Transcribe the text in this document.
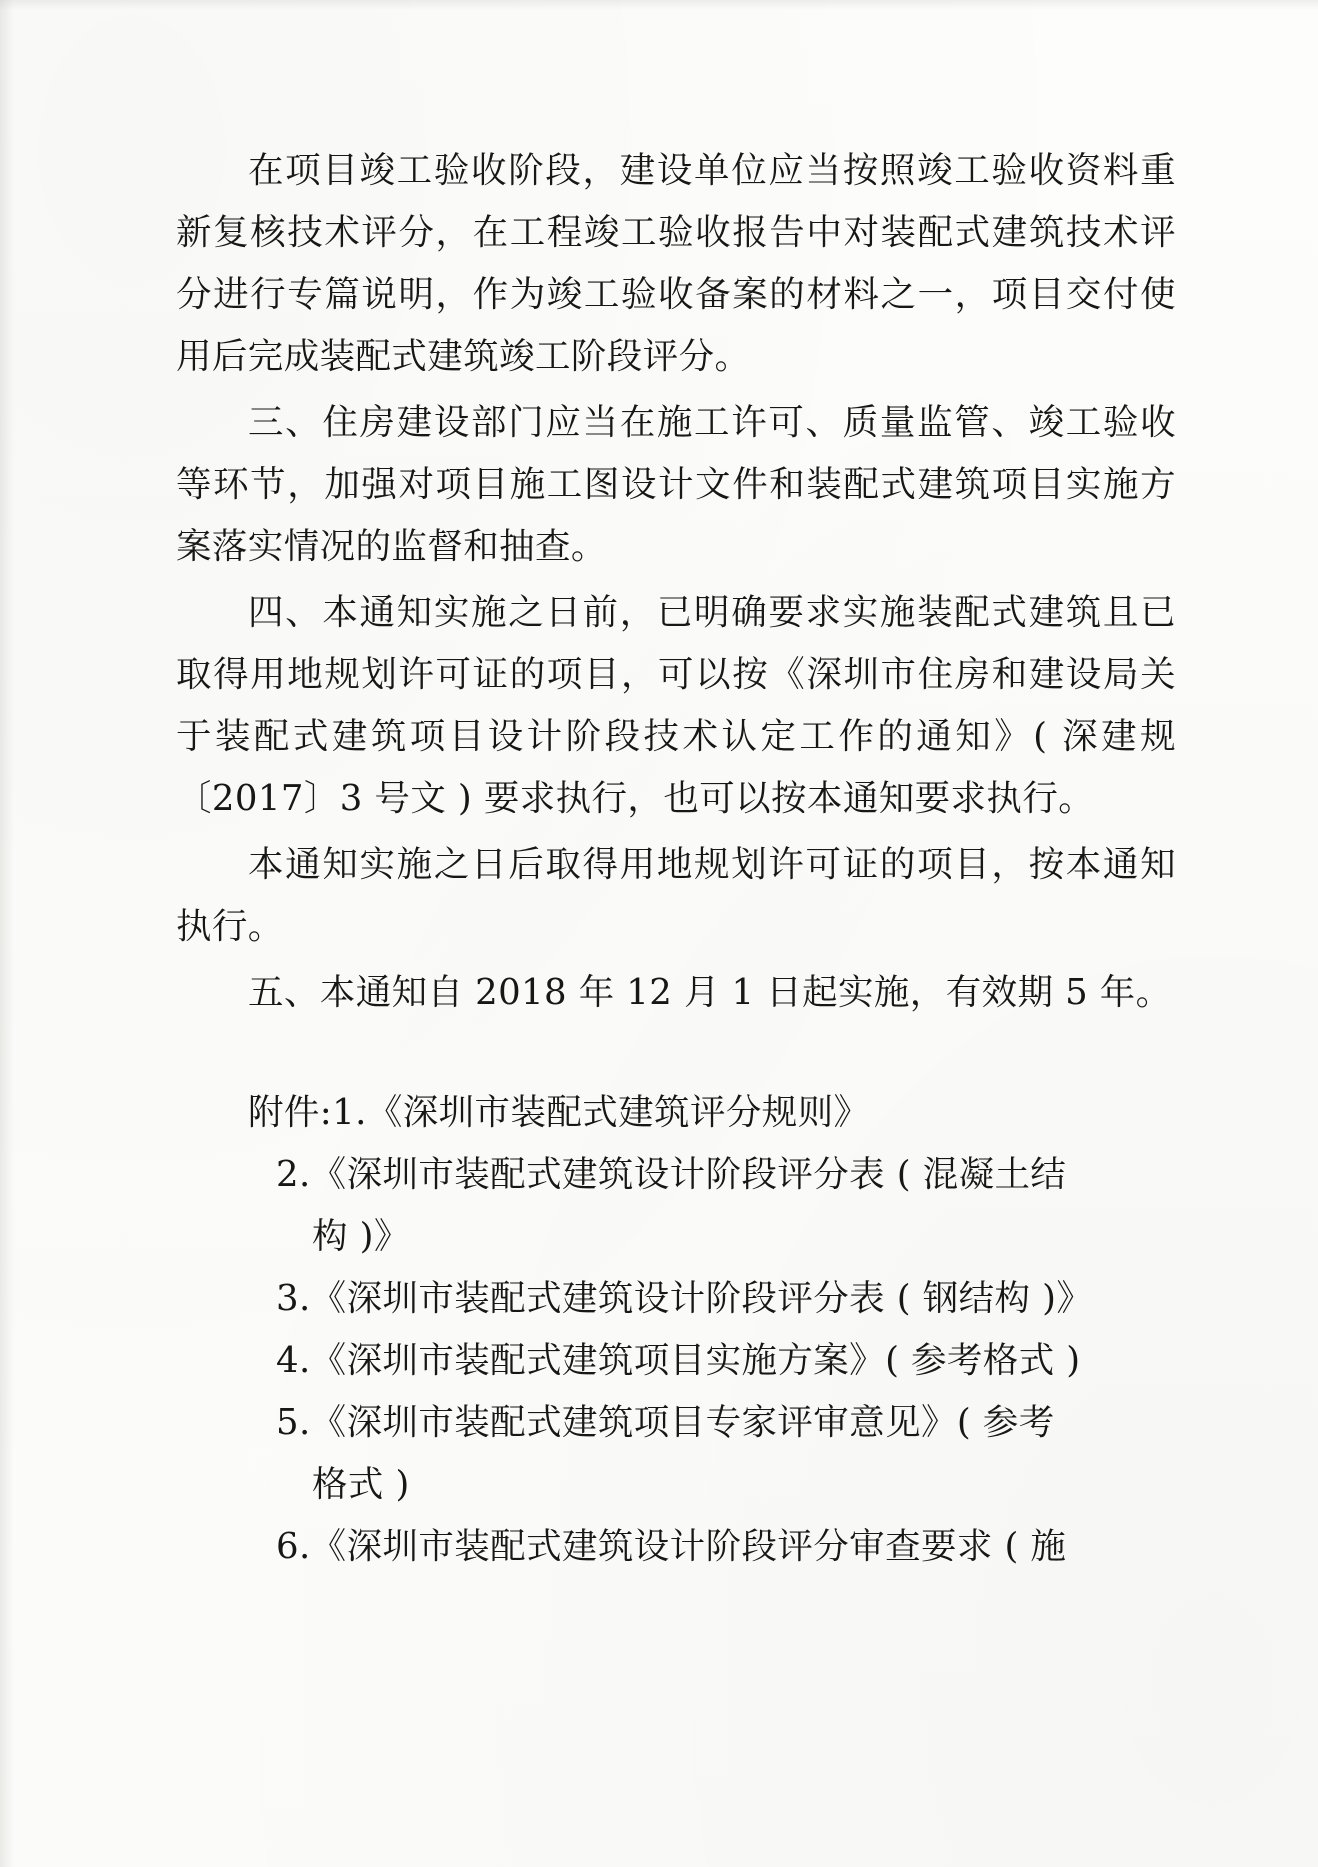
在项目竣工验收阶段，建设单位应当按照竣工验收资料重新复核技术评分，在工程竣工验收报告中对装配式建筑技术评分进行专篇说明，作为竣工验收备案的材料之一，项目交付使用后完成装配式建筑竣工阶段评分。

三、住房建设部门应当在施工许可、质量监管、竣工验收等环节，加强对项目施工图设计文件和装配式建筑项目实施方案落实情况的监督和抽查。

四、本通知实施之日前，已明确要求实施装配式建筑且已取得用地规划许可证的项目，可以按《深圳市住房和建设局关于装配式建筑项目设计阶段技术认定工作的通知》( 深建规〔2017〕3 号文 ) 要求执行，也可以按本通知要求执行。

本通知实施之日后取得用地规划许可证的项目，按本通知执行。

五、本通知自 2018 年 12 月 1 日起实施，有效期 5 年。

附件:1.《深圳市装配式建筑评分规则》
2.《深圳市装配式建筑设计阶段评分表 ( 混凝土结
构 )》
3.《深圳市装配式建筑设计阶段评分表 ( 钢结构 )》
4.《深圳市装配式建筑项目实施方案》( 参考格式 )
5.《深圳市装配式建筑项目专家评审意见》( 参考
格式 )
6.《深圳市装配式建筑设计阶段评分审查要求 ( 施
